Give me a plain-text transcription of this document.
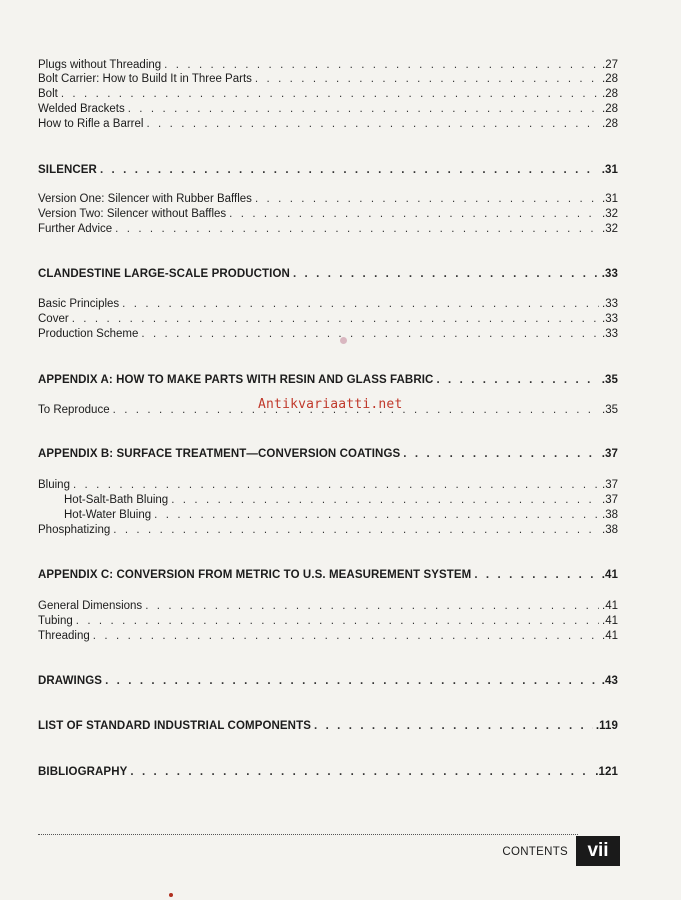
Plugs without Threading . . .	.27
Bolt Carrier: How to Build It in Three Parts . . .	.28
Bolt . . .	.28
Welded Brackets . . .	.28
How to Rifle a Barrel . . .	.28
SILENCER . . .	.31
Version One: Silencer with Rubber Baffles . . .	.31
Version Two: Silencer without Baffles . . .	.32
Further Advice . . .	.32
CLANDESTINE LARGE-SCALE PRODUCTION . . .	.33
Basic Principles . . .	.33
Cover . . .	.33
Production Scheme . . .	.33
APPENDIX A: HOW TO MAKE PARTS WITH RESIN AND GLASS FABRIC . . .	.35
To Reproduce . . .	.35
APPENDIX B: SURFACE TREATMENT—CONVERSION COATINGS . . .	.37
Bluing . . .	.37
Hot-Salt-Bath Bluing . . .	.37
Hot-Water Bluing . . .	.38
Phosphatizing . . .	.38
APPENDIX C: CONVERSION FROM METRIC TO U.S. MEASUREMENT SYSTEM . . .	.41
General Dimensions . . .	.41
Tubing . . .	.41
Threading . . .	.41
DRAWINGS . . .	.43
LIST OF STANDARD INDUSTRIAL COMPONENTS . . .	.119
BIBLIOGRAPHY . . .	.121
Antikvariaatti.net
CONTENTS	vii
